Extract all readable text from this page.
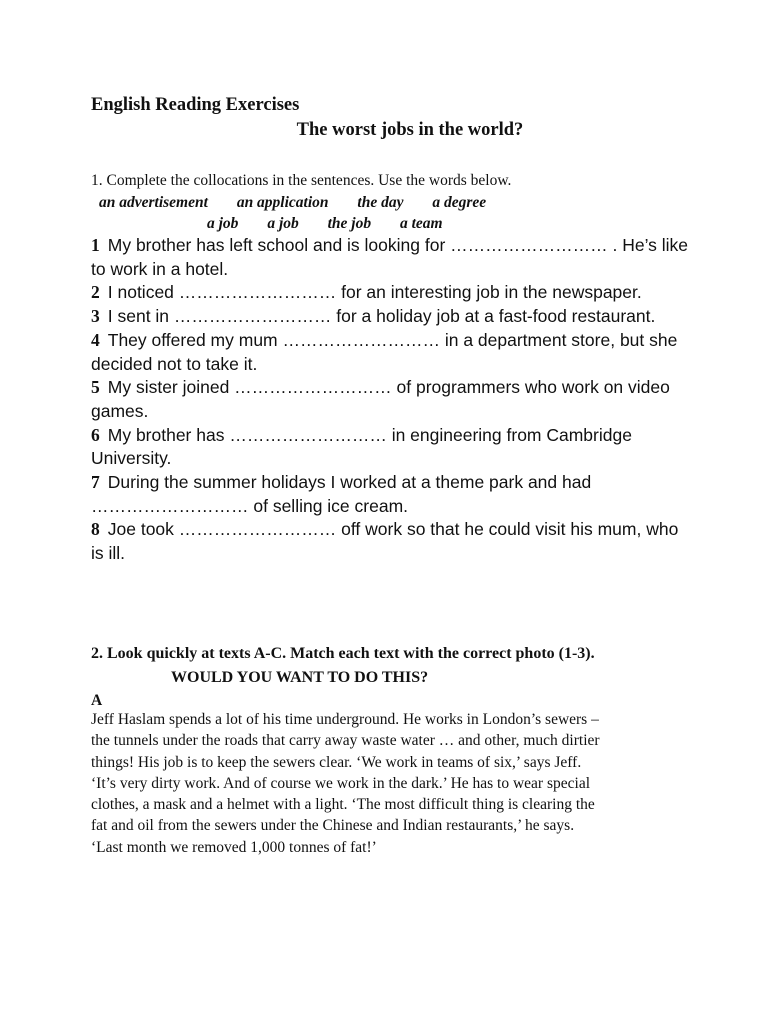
English Reading Exercises
The worst jobs in the world?
1. Complete the collocations in the sentences. Use the words below.
an advertisement an application the day a degree
a job a job the job a team

1 My brother has left school and is looking for ……………………… . He’s like to work in a hotel.

2 I noticed ……………………… for an interesting job in the newspaper.

3 I sent in ……………………… for a holiday job at a fast-food restaurant.

4 They offered my mum ……………………… in a department store, but she decided not to take it.

5 My sister joined ……………………… of programmers who work on video games.

6 My brother has ……………………… in engineering from Cambridge University.

7 During the summer holidays I worked at a theme park and had ……………………… of selling ice cream.

8 Joe took ……………………… off work so that he could visit his mum, who is ill.

2. Look quickly at texts A-C. Match each text with the correct photo (1-3).
WOULD YOU WANT TO DO THIS?
A
Jeff Haslam spends a lot of his time underground. He works in London’s sewers –
the tunnels under the roads that carry away waste water … and other, much dirtier
things! His job is to keep the sewers clear. ‘We work in teams of six,’ says Jeff.
‘It’s very dirty work. And of course we work in the dark.’ He has to wear special
clothes, a mask and a helmet with a light. ‘The most difficult thing is clearing the
fat and oil from the sewers under the Chinese and Indian restaurants,’ he says.
‘Last month we removed 1,000 tonnes of fat!’
